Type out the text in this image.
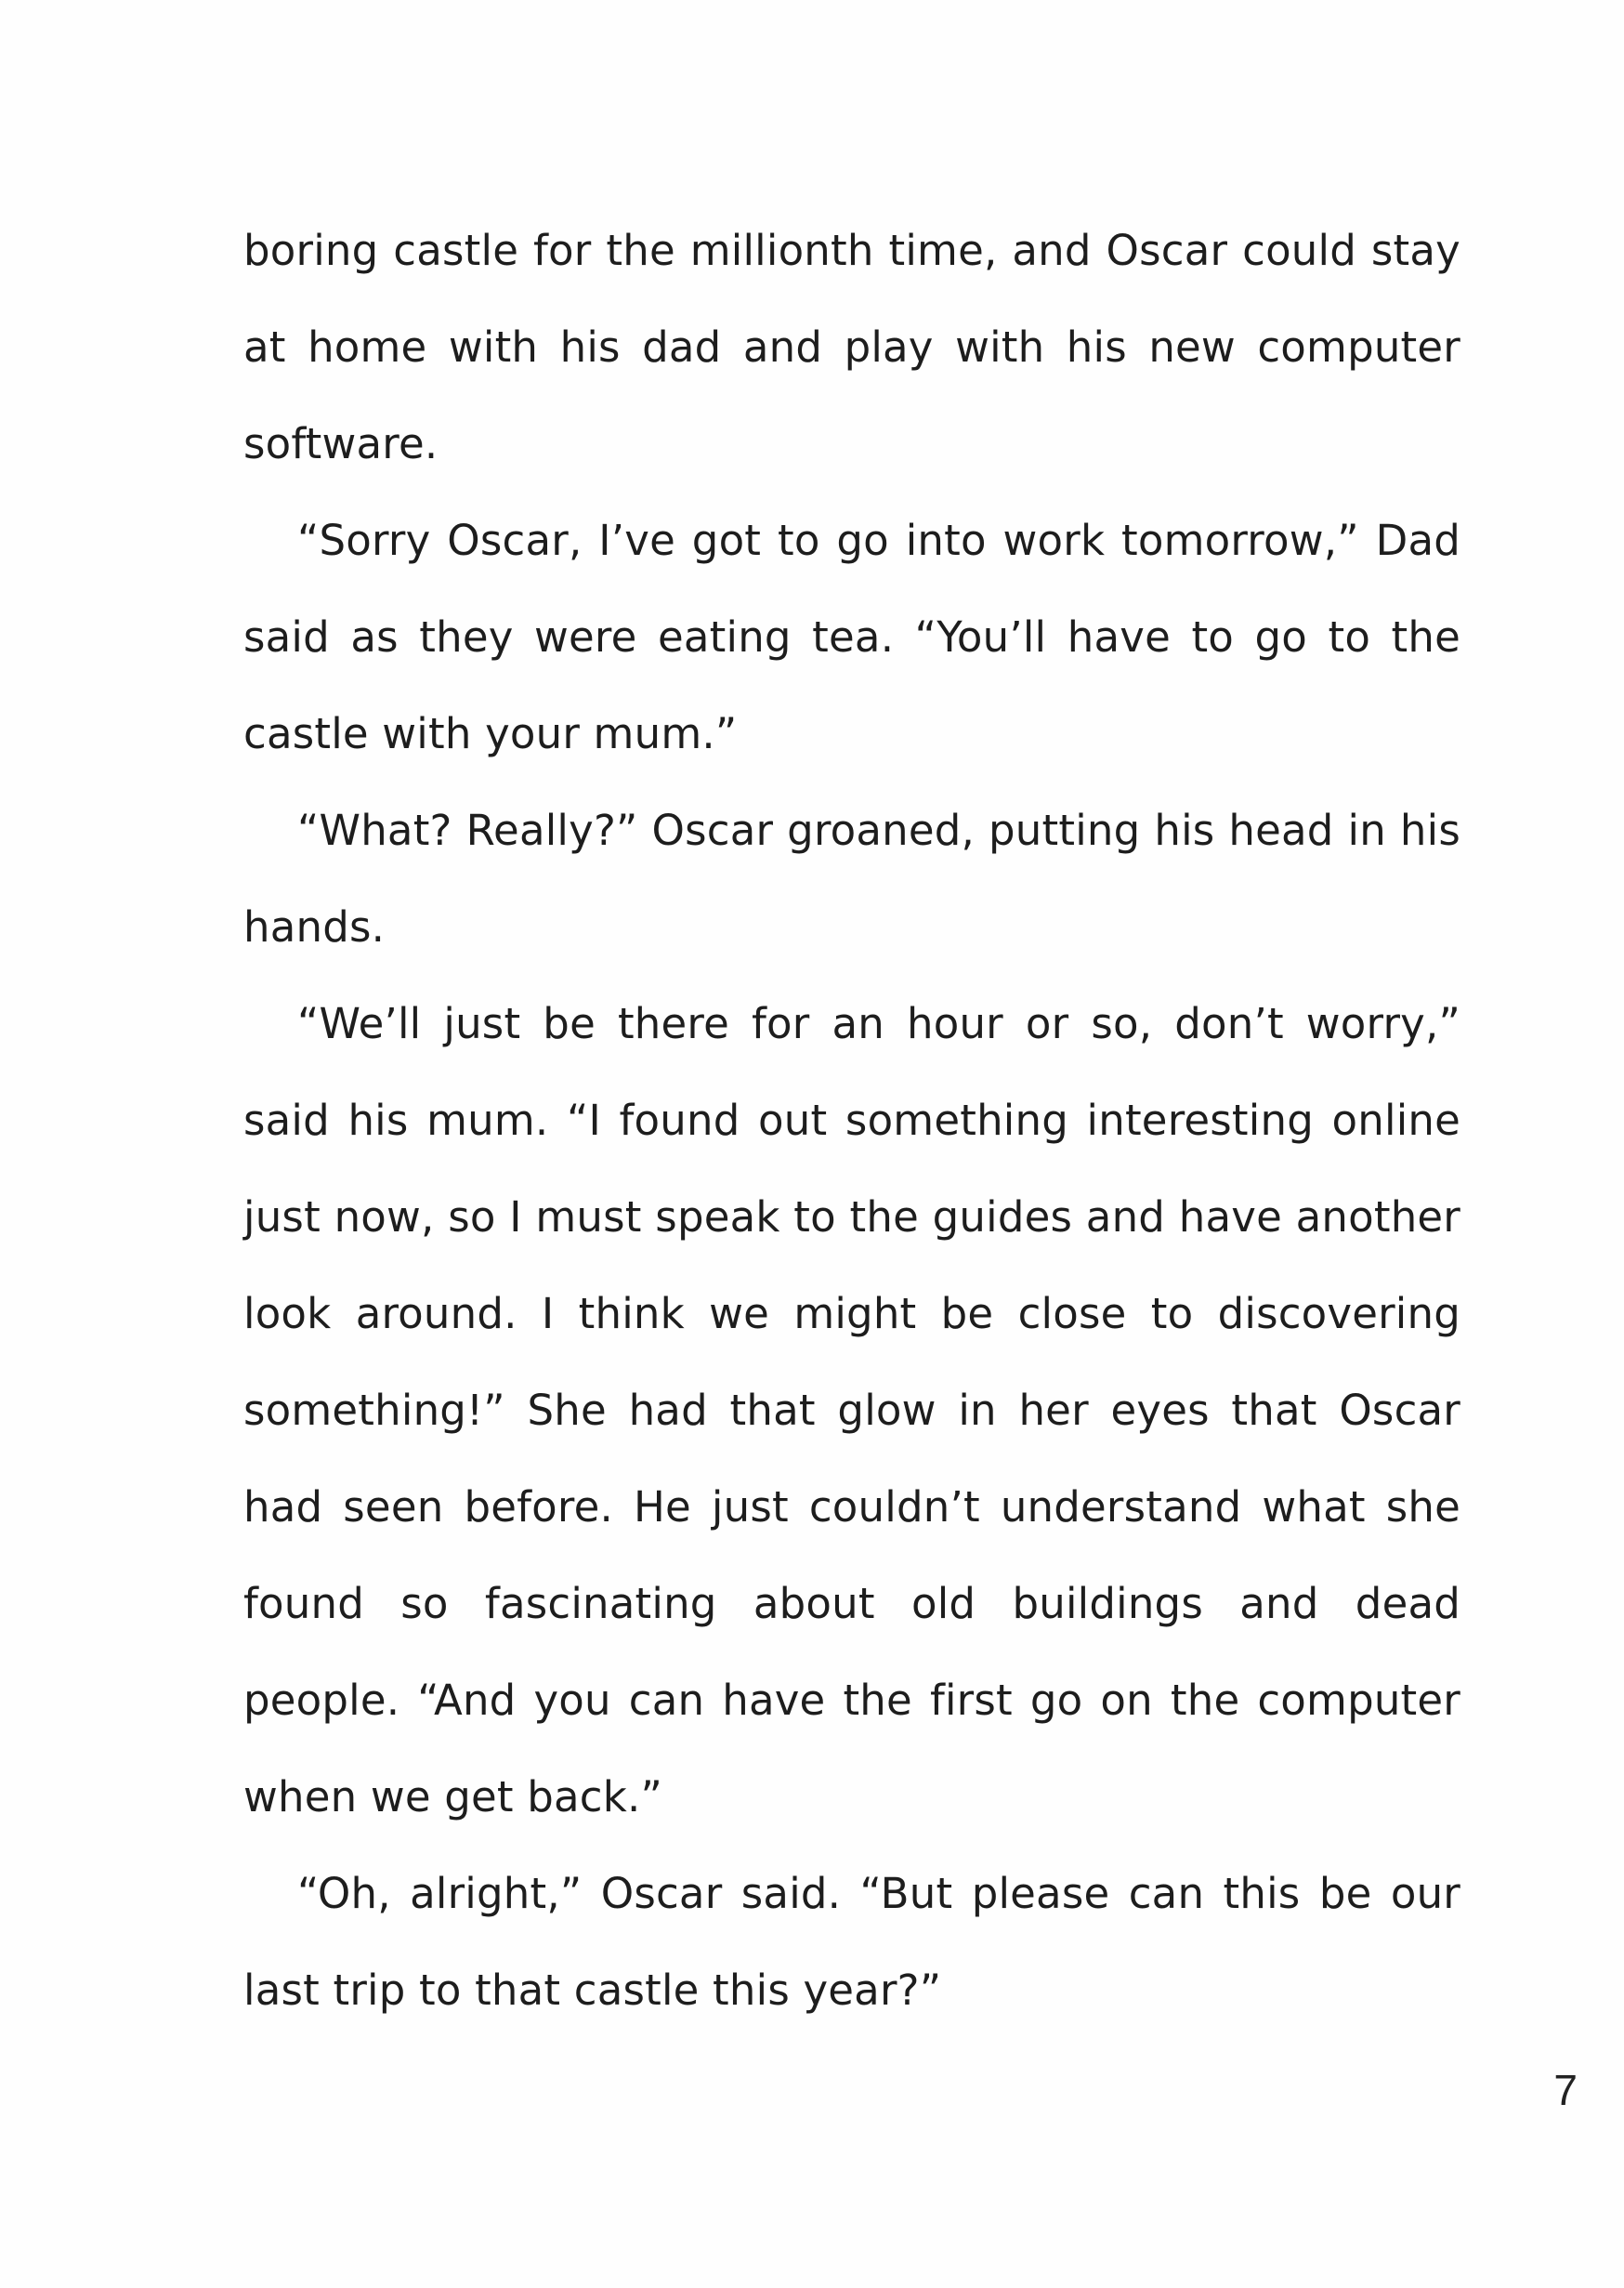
boring castle for the millionth time, and Oscar could stay at home with his dad and play with his new computer software.

“Sorry Oscar, I’ve got to go into work tomorrow,” Dad said as they were eating tea. “You’ll have to go to the castle with your mum.”

“What? Really?” Oscar groaned, putting his head in his hands.

“We’ll just be there for an hour or so, don’t worry,” said his mum. “I found out something interesting online just now, so I must speak to the guides and have another look around. I think we might be close to discovering something!” She had that glow in her eyes that Oscar had seen before. He just couldn’t understand what she found so fascinating about old buildings and dead people. “And you can have the first go on the computer when we get back.”

“Oh, alright,” Oscar said. “But please can this be our last trip to that castle this year?”

7
